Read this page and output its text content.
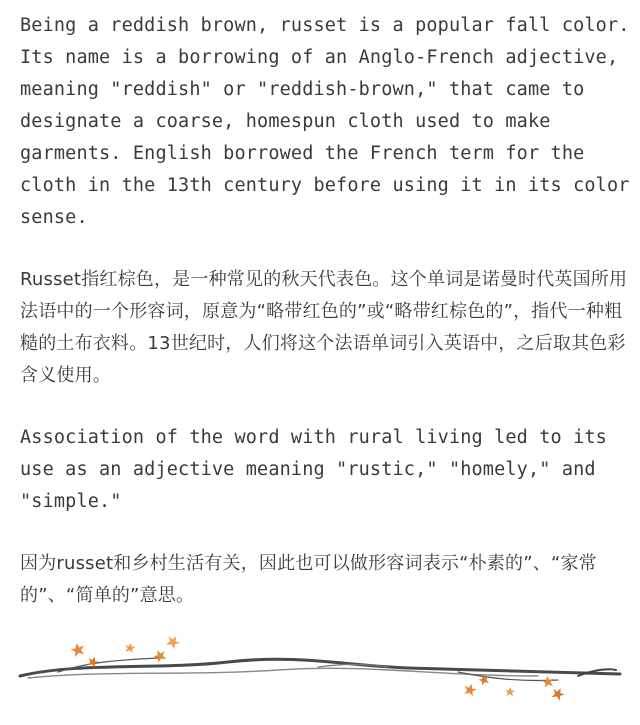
Being a reddish brown, russet is a popular fall color. Its name is a borrowing of an Anglo-French adjective, meaning "reddish" or "reddish-brown," that came to designate a coarse, homespun cloth used to make garments. English borrowed the French term for the cloth in the 13th century before using it in its color sense.

Russet指红棕色，是一种常见的秋天代表色。这个单词是诺曼时代英国所用法语中的一个形容词，原意为“略带红色的”或“略带红棕色的”，指代一种粗糙的土布衣料。13世纪时，人们将这个法语单词引入英语中，之后取其色彩含义使用。

Association of the word with rural living led to its use as an adjective meaning "rustic," "homely," and "simple."

因为russet和乡村生活有关，因此也可以做形容词表示“朴素的”、“家常的”、“简单的”意思。
